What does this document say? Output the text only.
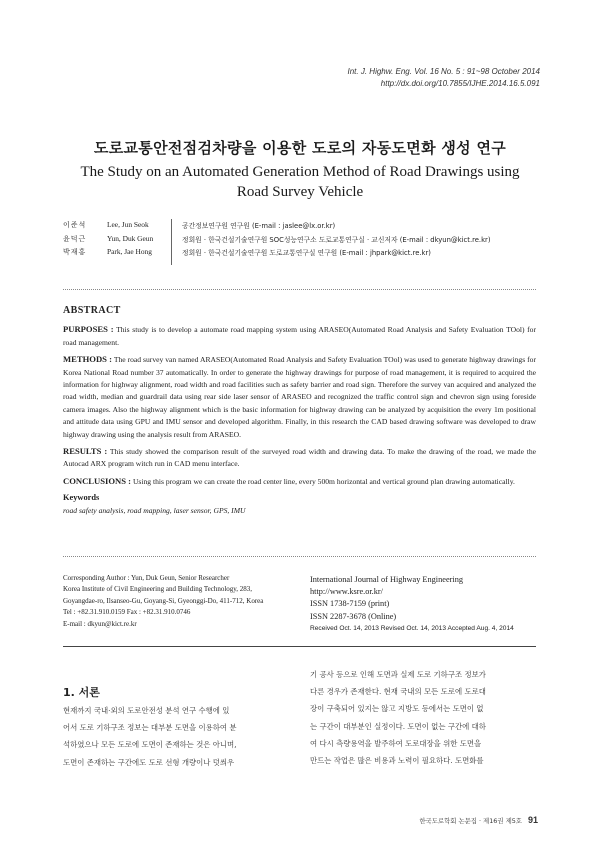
Int. J. Highw. Eng. Vol. 16 No. 5 : 91~98 October 2014
http://dx.doi.org/10.7855/IJHE.2014.16.5.091
도로교통안전점검차량을 이용한 도로의 자동도면화 생성 연구
The Study on an Automated Generation Method of Road Drawings using
Road Survey Vehicle
이준석	Lee, Jun Seok	공간정보연구원 연구원 (E-mail : jaslee@lx.or.kr)
윤덕근	Yun, Duk Geun	정회원 · 한국건설기술연구원 SOC성능연구소 도로교통연구실 · 교신저자 (E-mail : dkyun@kict.re.kr)
박재홍	Park, Jae Hong	정회원 · 한국건설기술연구원 도로교통연구실 연구원 (E-mail : jhpark@kict.re.kr)
ABSTRACT

PURPOSES : This study is to develop a automate road mapping system using ARASEO(Automated Road Analysis and Safety Evaluation TOol) for road management.

METHODS : The road survey van named ARASEO(Automated Road Analysis and Safety Evaluation TOol) was used to generate highway drawings for Korea National Road number 37 automatically. In order to generate the highway drawings for purpose of road management, it is required to acquired the information for highway alignment, road width and road facilities such as safety barrier and road sign. Therefore the survey van acquired and analyzed the road width, median and guardrail data using rear side laser sensor of ARASEO and recognized the traffic control sign and chevron sign using foreside camera images. Also the highway alignment which is the basic information for highway drawing can be analyzed by acquisition the every 1m positional and attitude data using GPU and IMU sensor and developed algorithm. Finally, in this research the CAD based drawing software was developed to draw highway drawing using the analysis result from ARASEO.

RESULTS : This study showed the comparison result of the surveyed road width and drawing data. To make the drawing of the road, we made the Autocad ARX program witch run in CAD menu interface.

CONCLUSIONS : Using this program we can create the road center line, every 500m horizontal and vertical ground plan drawing automatically.

Keywords
road safety analysis, road mapping, laser sensor, GPS, IMU
Corresponding Author : Yun, Duk Geun, Senior Researcher
Korea Institute of Civil Engineering and Building Technology, 283,
Goyangdae-ro, Ilsanseo-Gu, Goyang-Si, Gyeonggi-Do, 411-712, Korea
Tel : +82.31.910.0159 Fax : +82.31.910.0746
E-mail : dkyun@kict.re.kr
International Journal of Highway Engineering
http://www.ksre.or.kr/
ISSN 1738-7159 (print)
ISSN 2287-3678 (Online)
Received Oct. 14, 2013 Revised Oct. 14, 2013 Accepted Aug. 4, 2014
1. 서론

현재까지 국내·외의 도로안전성 분석 연구 수행에 있

어서 도로 기하구조 정보는 대부분 도면을 이용하여 분

석하였으나 모든 도로에 도면이 존재하는 것은 아니며,

도면이 존재하는 구간에도 도로 선형 개량이나 덧씌우

기 공사 등으로 인해 도면과 실제 도로 기하구조 정보가

다른 경우가 존재한다. 현재 국내의 모든 도로에 도로대

장이 구축되어 있지는 않고 지방도 등에서는 도면이 없

는 구간이 대부분인 실정이다. 도면이 없는 구간에 대하

여 다시 측량용역을 발주하여 도로대장을 위한 도면을

만드는 작업은 많은 비용과 노력이 필요하다. 도면화를

한국도로학회 논문집 · 제16권 제5호 91
